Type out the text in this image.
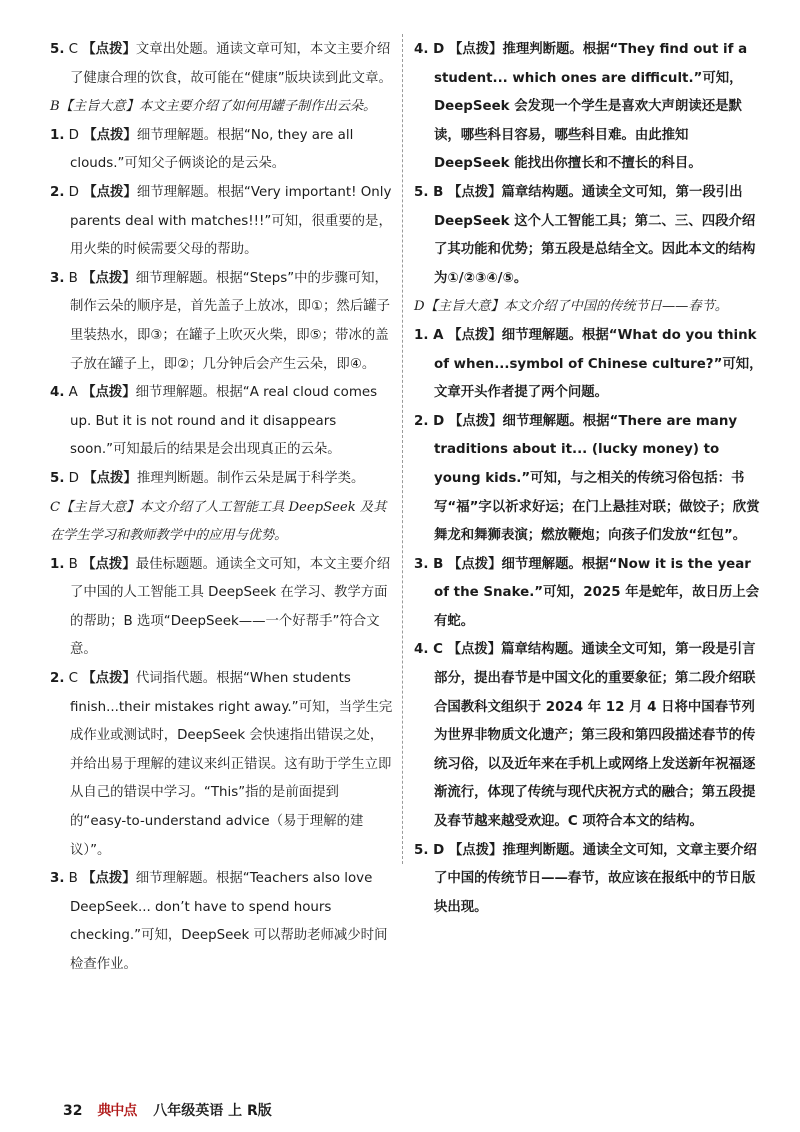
5. C 【点拨】文章出处题。通读文章可知，本文主要介绍了健康合理的饮食，故可能在“健康”版块读到此文章。

B【主旨大意】本文主要介绍了如何用罐子制作出云朵。

1. D 【点拨】细节理解题。根据“No, they are all clouds.”可知父子俩谈论的是云朵。

2. D 【点拨】细节理解题。根据“Very important! Only parents deal with matches!!!”可知，很重要的是，用火柴的时候需要父母的帮助。

3. B 【点拨】细节理解题。根据“Steps”中的步骤可知，制作云朵的顺序是，首先盖子上放冰，即①；然后罐子里装热水，即③；在罐子上吹灭火柴，即⑤；带冰的盖子放在罐子上，即②；几分钟后会产生云朵，即④。

4. A 【点拨】细节理解题。根据“A real cloud comes up. But it is not round and it disappears soon.”可知最后的结果是会出现真正的云朵。

5. D 【点拨】推理判断题。制作云朵是属于科学类。

C【主旨大意】本文介绍了人工智能工具 DeepSeek 及其在学生学习和教师教学中的应用与优势。

1. B 【点拨】最佳标题题。通读全文可知，本文主要介绍了中国的人工智能工具 DeepSeek 在学习、教学方面的帮助；B 选项“DeepSeek——一个好帮手”符合文意。

2. C 【点拨】代词指代题。根据“When students finish...their mistakes right away.”可知，当学生完成作业或测试时，DeepSeek 会快速指出错误之处，并给出易于理解的建议来纠正错误。这有助于学生立即从自己的错误中学习。“This”指的是前面提到的“easy-to-understand advice（易于理解的建议）”。

3. B 【点拨】细节理解题。根据“Teachers also love DeepSeek... don’t have to spend hours checking.”可知，DeepSeek 可以帮助老师减少时间检查作业。

4. D 【点拨】推理判断题。根据“They find out if a student... which ones are difficult.”可知，DeepSeek 会发现一个学生是喜欢大声朗读还是默读，哪些科目容易，哪些科目难。由此推知 DeepSeek 能找出你擅长和不擅长的科目。

5. B 【点拨】篇章结构题。通读全文可知，第一段引出 DeepSeek 这个人工智能工具；第二、三、四段介绍了其功能和优势；第五段是总结全文。因此本文的结构为①/②③④/⑤。

D【主旨大意】本文介绍了中国的传统节日——春节。

1. A 【点拨】细节理解题。根据“What do you think of when...symbol of Chinese culture?”可知，文章开头作者提了两个问题。

2. D 【点拨】细节理解题。根据“There are many traditions about it... (lucky money) to young kids.”可知，与之相关的传统习俗包括：书写“福”字以祈求好运；在门上悬挂对联；做饺子；欣赏舞龙和舞狮表演；燃放鞭炮；向孩子们发放“红包”。

3. B 【点拨】细节理解题。根据“Now it is the year of the Snake.”可知，2025 年是蛇年，故日历上会有蛇。

4. C 【点拨】篇章结构题。通读全文可知，第一段是引言部分，提出春节是中国文化的重要象征；第二段介绍联合国教科文组织于 2024 年 12 月 4 日将中国春节列为世界非物质文化遗产；第三段和第四段描述春节的传统习俗，以及近年来在手机上或网络上发送新年祝福逐渐流行，体现了传统与现代庆祝方式的融合；第五段提及春节越来越受欢迎。C 项符合本文的结构。

5. D 【点拨】推理判断题。通读全文可知，文章主要介绍了中国的传统节日——春节，故应该在报纸中的节日版块出现。

32 典中点 八年级英语 上 R版
